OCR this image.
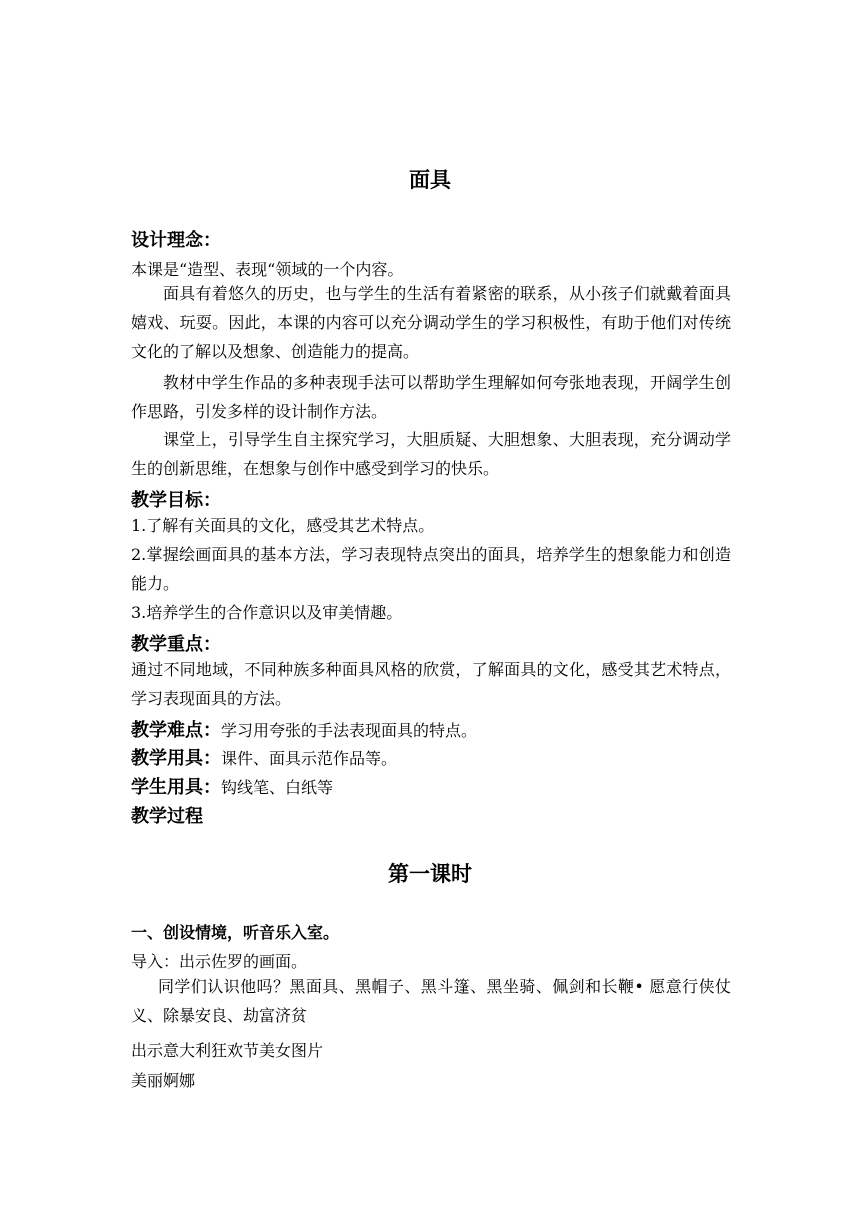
面具
设计理念：
本课是“造型、表现“领域的一个内容。
面具有着悠久的历史，也与学生的生活有着紧密的联系，从小孩子们就戴着面具嬉戏、玩耍。因此，本课的内容可以充分调动学生的学习积极性，有助于他们对传统文化的了解以及想象、创造能力的提高。
教材中学生作品的多种表现手法可以帮助学生理解如何夸张地表现，开阔学生创作思路，引发多样的设计制作方法。
课堂上，引导学生自主探究学习，大胆质疑、大胆想象、大胆表现，充分调动学生的创新思维，在想象与创作中感受到学习的快乐。
教学目标：
1.了解有关面具的文化，感受其艺术特点。
2.掌握绘画面具的基本方法，学习表现特点突出的面具，培养学生的想象能力和创造能力。
3.培养学生的合作意识以及审美情趣。
教学重点：
通过不同地域，不同种族多种面具风格的欣赏，了解面具的文化，感受其艺术特点，学习表现面具的方法。
教学难点：学习用夸张的手法表现面具的特点。
教学用具：课件、面具示范作品等。
学生用具：钩线笔、白纸等
教学过程
第一课时
一、创设情境，听音乐入室。
导入：出示佐罗的画面。
同学们认识他吗？黑面具、黑帽子、黑斗篷、黑坐骑、佩剑和长鞭• 愿意行侠仗义、除暴安良、劫富济贫
出示意大利狂欢节美女图片
美丽婀娜
